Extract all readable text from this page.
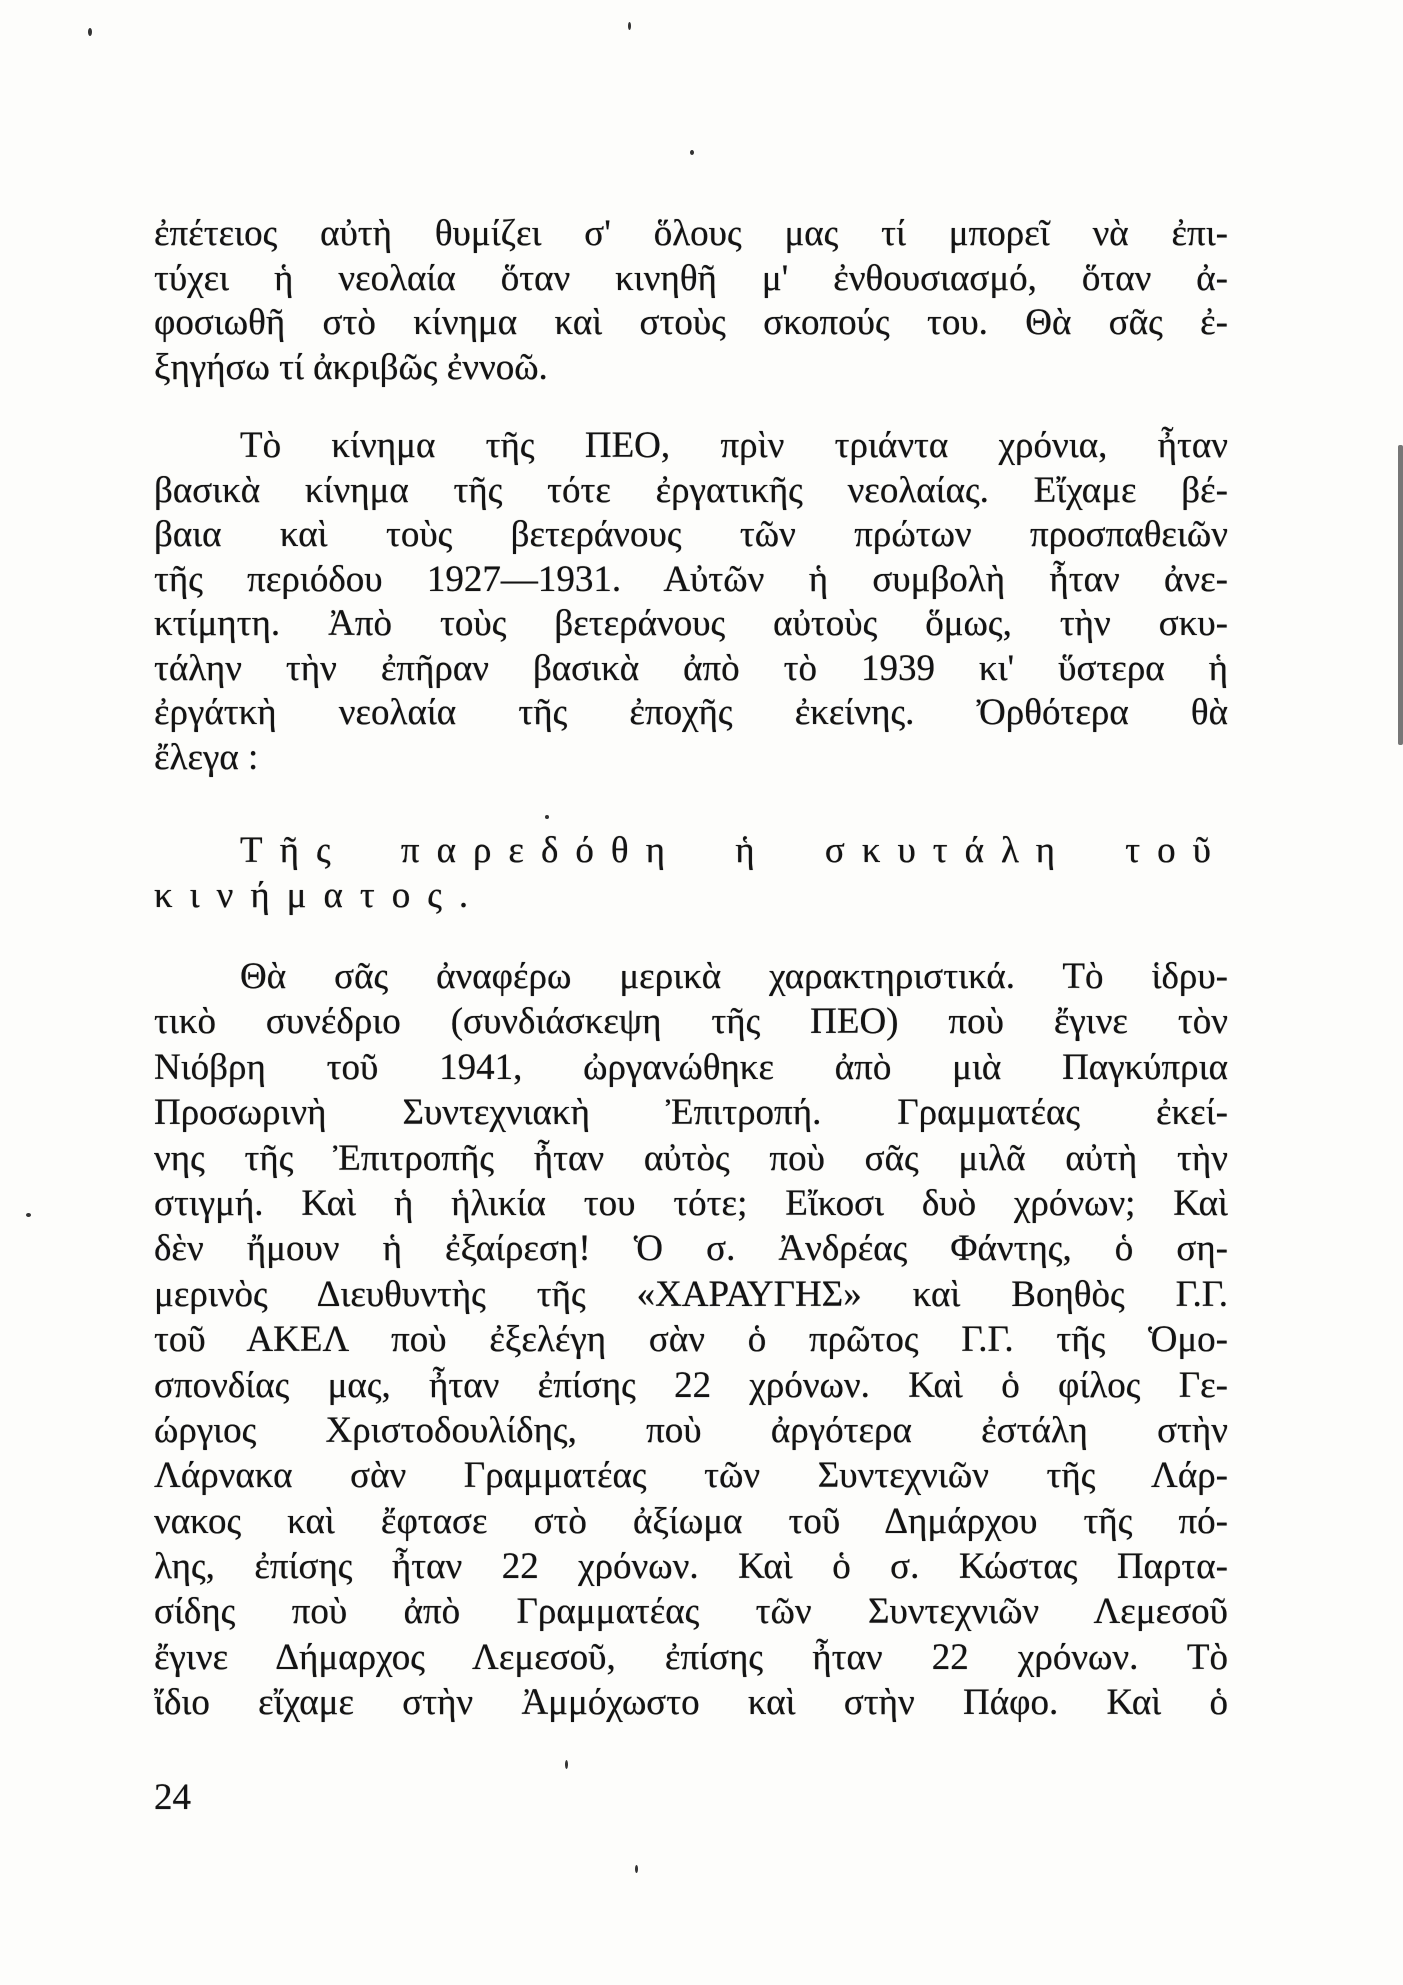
ἐπέτειος αὐτὴ θυμίζει σ' ὅλους μας τί μπορεῖ νὰ ἐπι-
τύχει ἡ νεολαία ὅταν κινηθῆ μ' ἐνθουσιασμό, ὅταν ἀ-
φοσιωθῆ στὸ κίνημα καὶ στοὺς σκοπούς του. Θὰ σᾶς ἐ-
ξηγήσω τί ἀκριβῶς ἐννοῶ.
Τὸ κίνημα τῆς ΠΕΟ, πρὶν τριάντα χρόνια, ἦταν
βασικὰ κίνημα τῆς τότε ἐργατικῆς νεολαίας. Εἴχαμε βέ-
βαια καὶ τοὺς βετεράνους τῶν πρώτων προσπαθειῶν
τῆς περιόδου 1927—1931. Αὐτῶν ἡ συμβολὴ ἦταν ἀνε-
κτίμητη. Ἀπὸ τοὺς βετεράνους αὐτοὺς ὅμως, τὴν σκυ-
τάλην τὴν ἐπῆραν βασικὰ ἀπὸ τὸ 1939 κι' ὕστερα ἡ
ἐργάτκὴ νεολαία τῆς ἐποχῆς ἐκείνης. Ὀρθότερα θὰ
ἔλεγα :
Τῆς παρεδόθη ἡ σκυτάλη τοῦ
κινήματος.
Θὰ σᾶς ἀναφέρω μερικὰ χαρακτηριστικά. Τὸ ἱδρυ-
τικὸ συνέδριο (συνδιάσκεψη τῆς ΠΕΟ) ποὺ ἔγινε τὸν
Νιόβρη τοῦ 1941, ὠργανώθηκε ἀπὸ μιὰ Παγκύπρια
Προσωρινὴ Συντεχνιακὴ Ἐπιτροπή. Γραμματέας ἐκεί-
νης τῆς Ἐπιτροπῆς ἦταν αὐτὸς ποὺ σᾶς μιλᾶ αὐτὴ τὴν
στιγμή. Καὶ ἡ ἡλικία του τότε; Εἴκοσι δυὸ χρόνων; Καὶ
δὲν ἤμουν ἡ ἐξαίρεση! Ὁ σ. Ἀνδρέας Φάντης, ὁ ση-
μερινὸς Διευθυντὴς τῆς «ΧΑΡΑΥΓΗΣ» καὶ Βοηθὸς Γ.Γ.
τοῦ ΑΚΕΛ ποὺ ἐξελέγη σὰν ὁ πρῶτος Γ.Γ. τῆς Ὁμο-
σπονδίας μας, ἦταν ἐπίσης 22 χρόνων. Καὶ ὁ φίλος Γε-
ώργιος Χριστοδουλίδης, ποὺ ἀργότερα ἐστάλη στὴν
Λάρνακα σὰν Γραμματέας τῶν Συντεχνιῶν τῆς Λάρ-
νακος καὶ ἔφτασε στὸ ἀξίωμα τοῦ Δημάρχου τῆς πό-
λης, ἐπίσης ἦταν 22 χρόνων. Καὶ ὁ σ. Κώστας Παρτα-
σίδης ποὺ ἀπὸ Γραμματέας τῶν Συντεχνιῶν Λεμεσοῦ
ἔγινε Δήμαρχος Λεμεσοῦ, ἐπίσης ἦταν 22 χρόνων. Τὸ
ἴδιο εἴχαμε στὴν Ἀμμόχωστο καὶ στὴν Πάφο. Καὶ ὁ
24
